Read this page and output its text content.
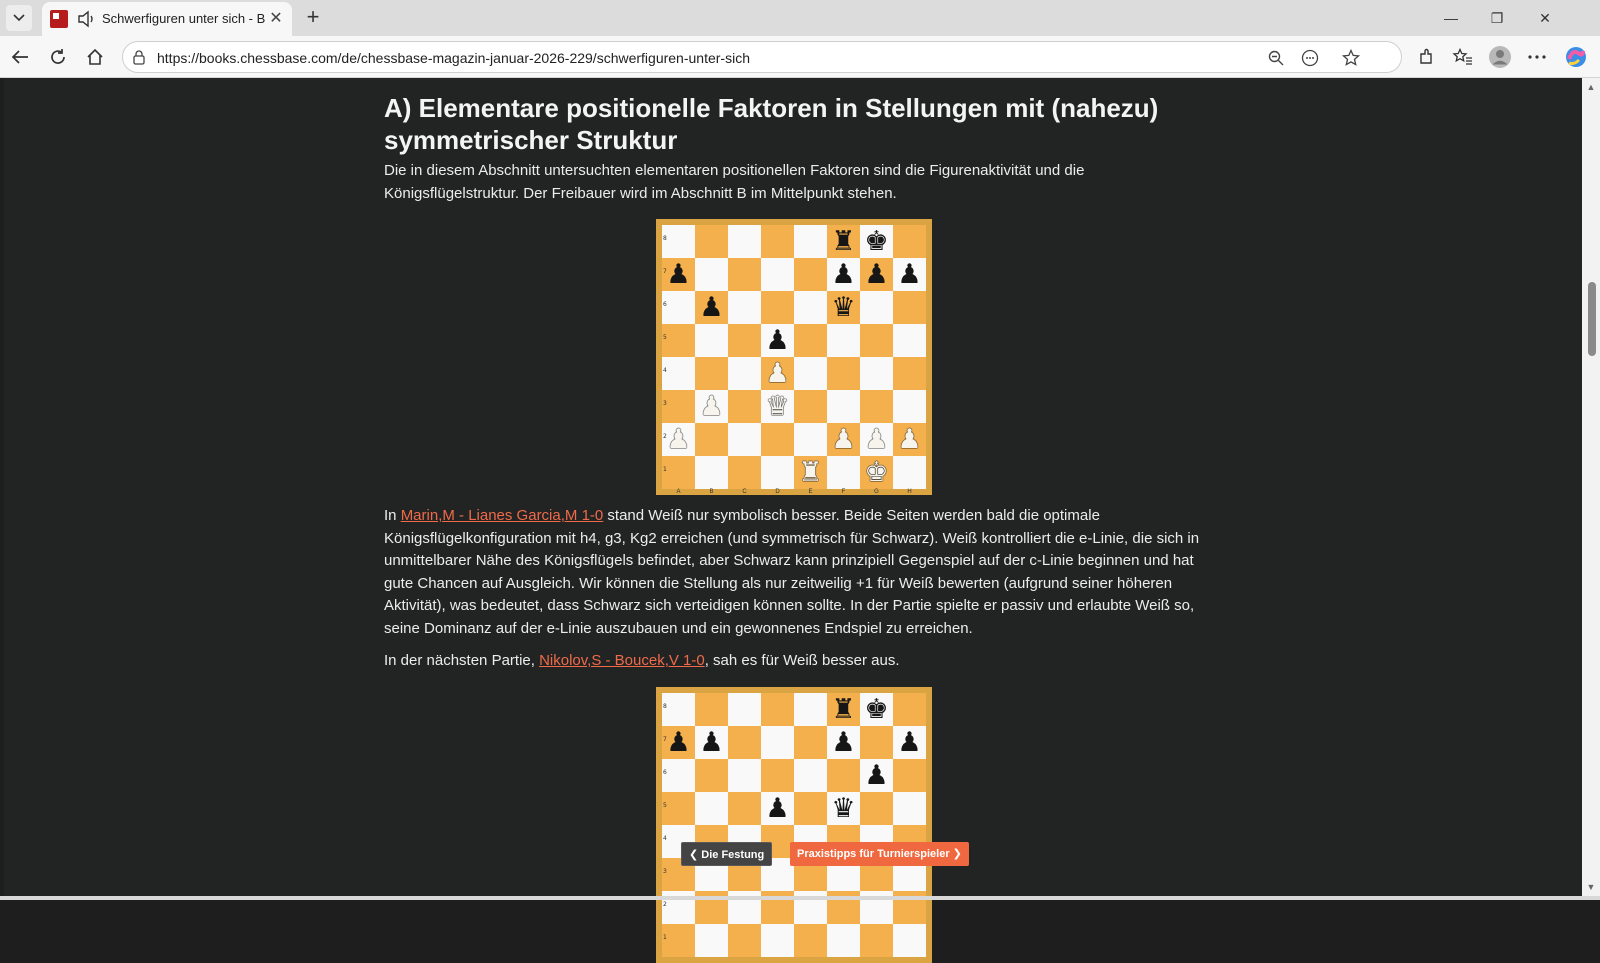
Schwerfiguren unter sich - B ✕ +	—	❐	✕
https://books.chessbase.com/de/chessbase-magazin-januar-2026-229/schwerfiguren-unter-sich
A) Elementare positionelle Faktoren in Stellungen mit (nahezu) symmetrischer Struktur

Die in diesem Abschnitt untersuchten elementaren positionellen Faktoren sind die Figurenaktivität und die Königsflügelstruktur. Der Freibauer wird im Abschnitt B im Mittelpunkt stehen.

8	♜ ♚
7 ♟	♟ ♟ ♟
6 ♟	♛
5	♟
4	♟
3 ♟ ♛
2 ♟	♟ ♟ ♟
1	♜ ♚
A	B	C	D	E	F	G	H

In Marin,M - Lianes Garcia,M 1-0 stand Weiß nur symbolisch besser. Beide Seiten werden bald die optimale Königsflügelkonfiguration mit h4, g3, Kg2 erreichen (und symmetrisch für Schwarz). Weiß kontrolliert die e-Linie, die sich in unmittelbarer Nähe des Königsflügels befindet, aber Schwarz kann prinzipiell Gegenspiel auf der c-Linie beginnen und hat gute Chancen auf Ausgleich. Wir können die Stellung als nur zeitweilig +1 für Weiß bewerten (aufgrund seiner höheren Aktivität), was bedeutet, dass Schwarz sich verteidigen können sollte. In der Partie spielte er passiv und erlaubte Weiß so, seine Dominanz auf der e-Linie auszubauen und ein gewonnenes Endspiel zu erreichen.

In der nächsten Partie, Nikolov,S - Boucek,V 1-0, sah es für Weiß besser aus.

8	♜ ♚
7 ♟ ♟	♟ ♟
6	♟
5	♟ ♛
4
3
2
1
❮ Die Festung	Praxistipps für Turnierspieler ❯
▲
▼
